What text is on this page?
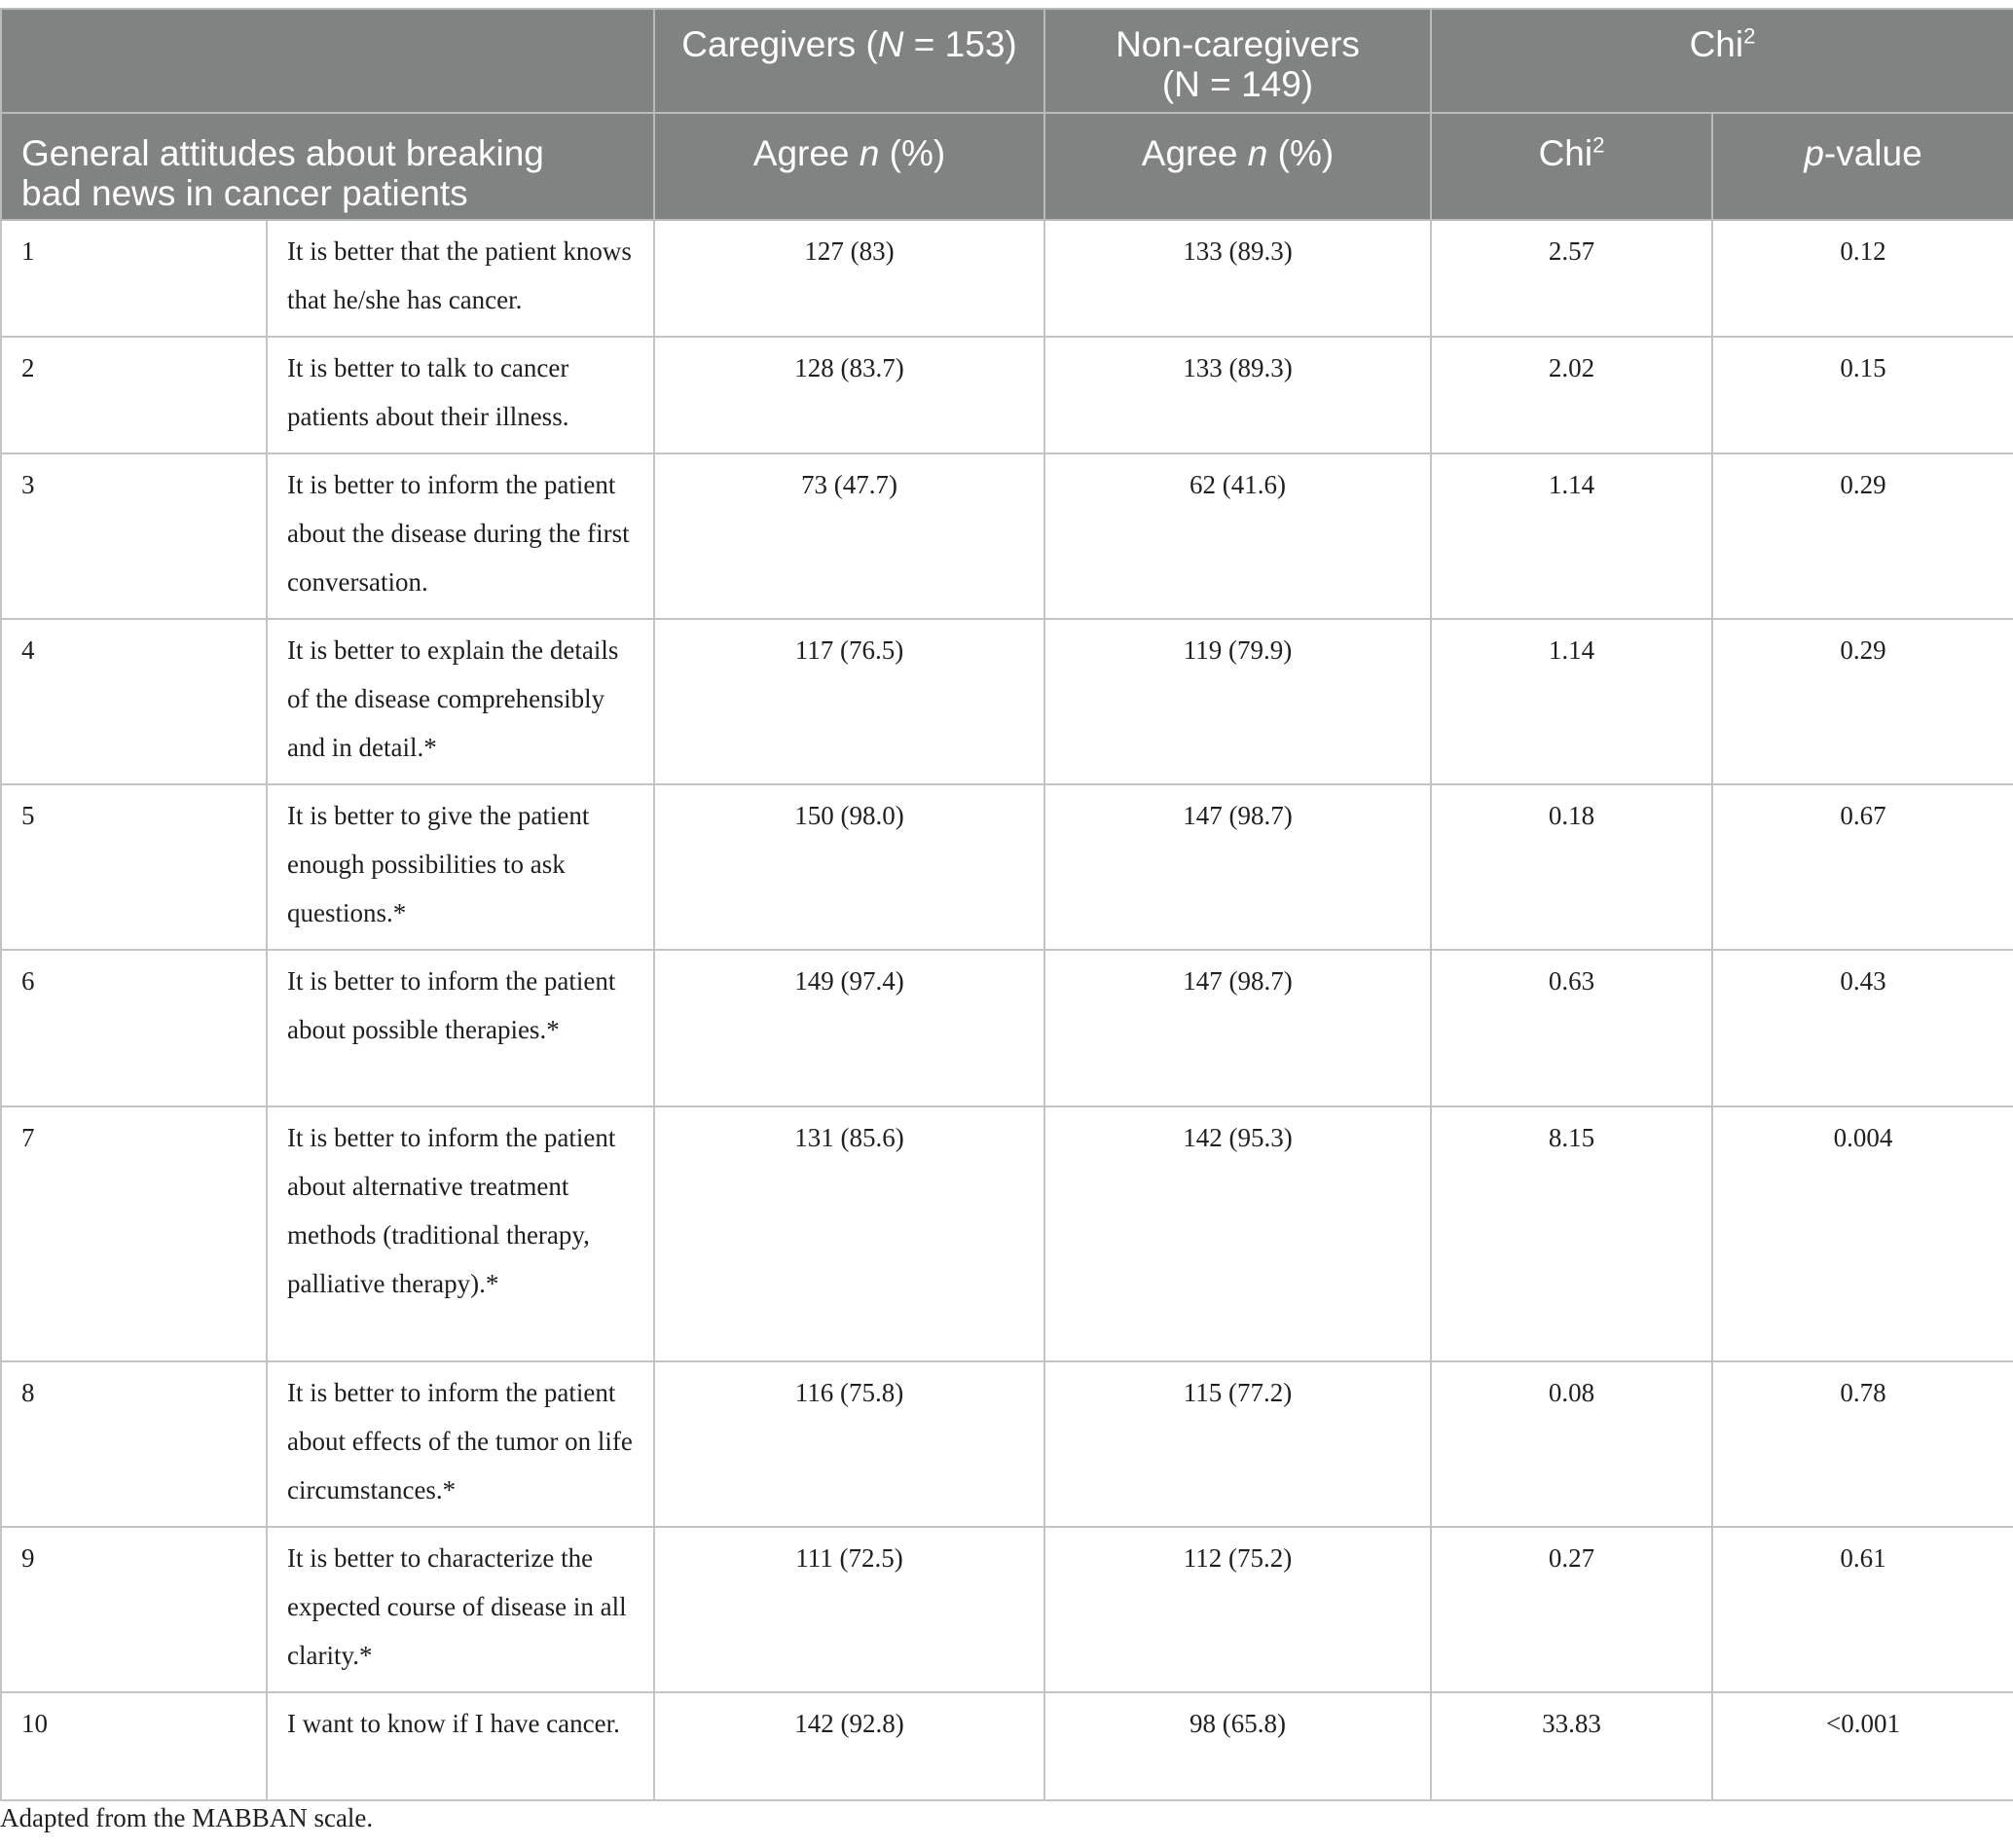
		Caregivers (N = 153)	Non-caregivers (N = 149)	Chi$^2$
General attitudes about breaking bad news in cancer patients		Agree n (%)	Agree n (%)	Chi$^2$	p-value
1	It is better that the patient knows that he/she has cancer.	127 (83)	133 (89.3)	2.57	0.12
2	It is better to talk to cancer patients about their illness.	128 (83.7)	133 (89.3)	2.02	0.15
3	It is better to inform the patient about the disease during the first conversation.	73 (47.7)	62 (41.6)	1.14	0.29
4	It is better to explain the details of the disease comprehensibly and in detail.*	117 (76.5)	119 (79.9)	1.14	0.29
5	It is better to give the patient enough possibilities to ask questions.*	150 (98.0)	147 (98.7)	0.18	0.67
6	It is better to inform the patient about possible therapies.*	149 (97.4)	147 (98.7)	0.63	0.43
7	It is better to inform the patient about alternative treatment methods (traditional therapy, palliative therapy).*	131 (85.6)	142 (95.3)	8.15	0.004
8	It is better to inform the patient about effects of the tumor on life circumstances.*	116 (75.8)	115 (77.2)	0.08	0.78
9	It is better to characterize the expected course of disease in all clarity.*	111 (72.5)	112 (75.2)	0.27	0.61
10	I want to know if I have cancer.	142 (92.8)	98 (65.8)	33.83	<0.001

Adapted from the MABBAN scale.
